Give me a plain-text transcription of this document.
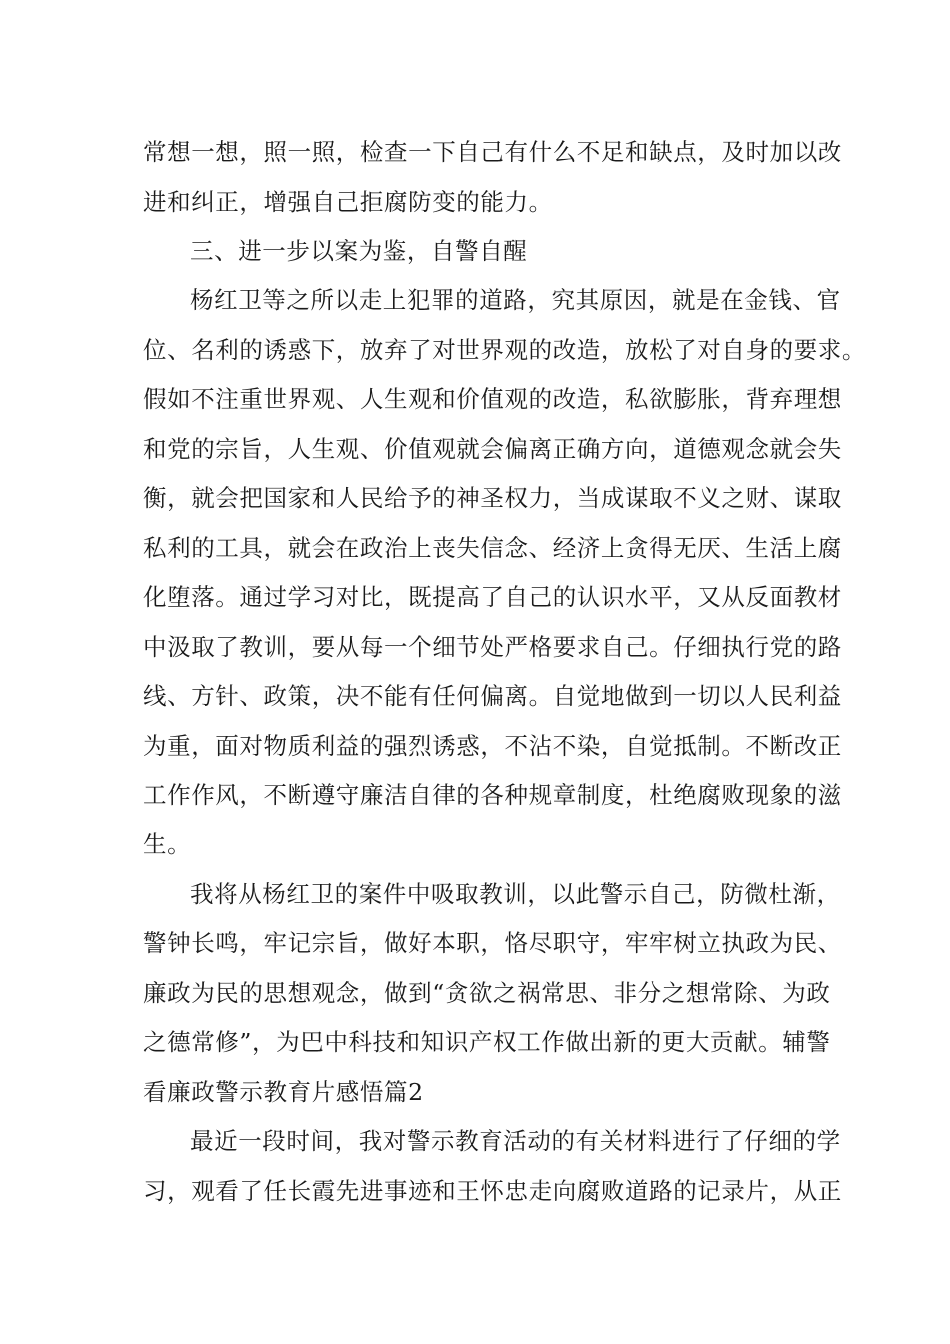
常想一想，照一照，检查一下自己有什么不足和缺点，及时加以改
进和纠正，增强自己拒腐防变的能力。
三、进一步以案为鉴，自警自醒
杨红卫等之所以走上犯罪的道路，究其原因，就是在金钱、官
位、名利的诱惑下，放弃了对世界观的改造，放松了对自身的要求。
假如不注重世界观、人生观和价值观的改造，私欲膨胀，背弃理想
和党的宗旨，人生观、价值观就会偏离正确方向，道德观念就会失
衡，就会把国家和人民给予的神圣权力，当成谋取不义之财、谋取
私利的工具，就会在政治上丧失信念、经济上贪得无厌、生活上腐
化堕落。通过学习对比，既提高了自己的认识水平，又从反面教材
中汲取了教训，要从每一个细节处严格要求自己。仔细执行党的路
线、方针、政策，决不能有任何偏离。自觉地做到一切以人民利益
为重，面对物质利益的强烈诱惑，不沾不染，自觉抵制。不断改正
工作作风，不断遵守廉洁自律的各种规章制度，杜绝腐败现象的滋
生。
我将从杨红卫的案件中吸取教训，以此警示自己，防微杜渐，
警钟长鸣，牢记宗旨，做好本职，恪尽职守，牢牢树立执政为民、
廉政为民的思想观念，做到“贪欲之祸常思、非分之想常除、为政
之德常修”，为巴中科技和知识产权工作做出新的更大贡献。辅警
看廉政警示教育片感悟篇2
最近一段时间，我对警示教育活动的有关材料进行了仔细的学
习，观看了任长霞先进事迹和王怀忠走向腐败道路的记录片，从正
